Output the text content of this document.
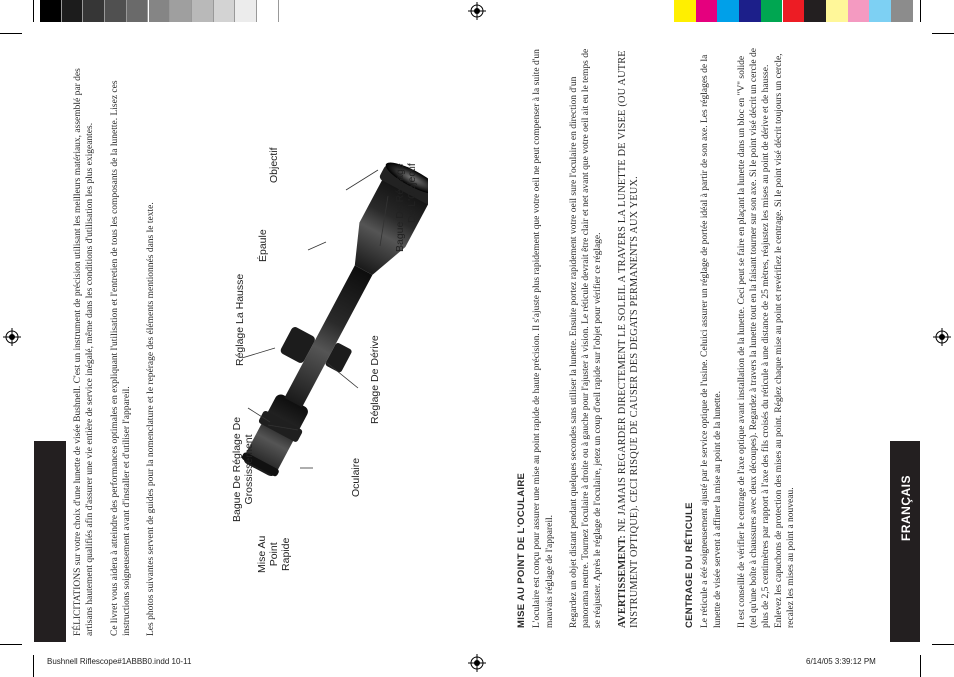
FRANÇAIS

FÉLICITATIONS sur votre choix d'une lunette de visée Bushnell. C'est un instrument de précision utilisant les meilleurs matériaux, assemblé par des artisans hautement qualifiés afin d'assurer une vie entière de service inégalé, même dans les conditions d'utilisation les plus exigeantes. Ce livret vous aidera à atteindre des performances optimales en expliquant l'utilisation et l'entretien de tous les composants de la lunette. Lisez ces instructions soigneusement avant d'installer et d'utiliser l'appareil. Les photos suivantes servent de guides pour la nomenclature et le repérage des éléments mentionnés dans le texte.

Objectif
Épaule	Bague De Réglage De L'Objectif
Réglage La Hausse
Réglage De Dérive
Bague De Réglage De Grossissement	Oculaire
Mise Au Point Rapide	MISE AU POINT DE L'OCULAIRE L'oculaire est conçu pour assurer une mise au point rapide de haute précision. Il s'ajuste plus rapidement que votre oeil ne peut compenser à la suite d'un mauvais réglage de l'appareil. Regardez un objet distant pendant quelques secondes sans utiliser la lunette. Ensuite portez rapidement votre oeil sure l'oculaire en direction d'un panorama neutre. Tournez l'oculaire à droite ou à gauche pour l'ajuster à vision. Le réticule devrait être clair et net avant que votre oeil ait eu le temps de se réajuster. Après le réglage de l'oculaire, jetez un coup d'oeil rapide sur l'objet pour vérifier ce réglage. AVERTISSEMENT: NE JAMAIS REGARDER DIRECTEMENT LE SOLEIL A TRAVERS LA LUNETTE DE VISEE (OU AUTRE INSTRUMENT OPTIQUE). CECI RISQUE DE CAUSER DES DEGATS PERMANENTS AUX YEUX.	CENTRAGE DU RÉTICULE Le réticule a été soigneusement ajusté par le service optique de l'usine. Celuici assurer un réglage de portée idéal à partir de son axe. Les réglages de la lunette de visée servent à affiner la mise au point de la lunette. Il est conseillé de vérifier le centrage de l'axe optique avant installation de la lunette. Ceci peut se faire en plaçant la lunette dans un bloc en "V" solide (tel qu'une boîte à chaussures avec deux découpes). Regardez à travers la lunette tout en la faisant tourner sur son axe. Si le point visé décrit un cercle de plus de 2,5 centimètres par rapport à l'axe des fils croisés du réticule à une distance de 25 mètres, réajustez les mises au point de dérive et de hausse. Enlevez les capuchons de protection des mises au point. Réglez chaque mise au point et revérifiez le centrage. Si le point visé décrit toujours un cercle, recalez les mises au point a nouveau.

Bushnell Riflescope#1ABBB0.indd 10-11	6/14/05 3:39:12 PM
